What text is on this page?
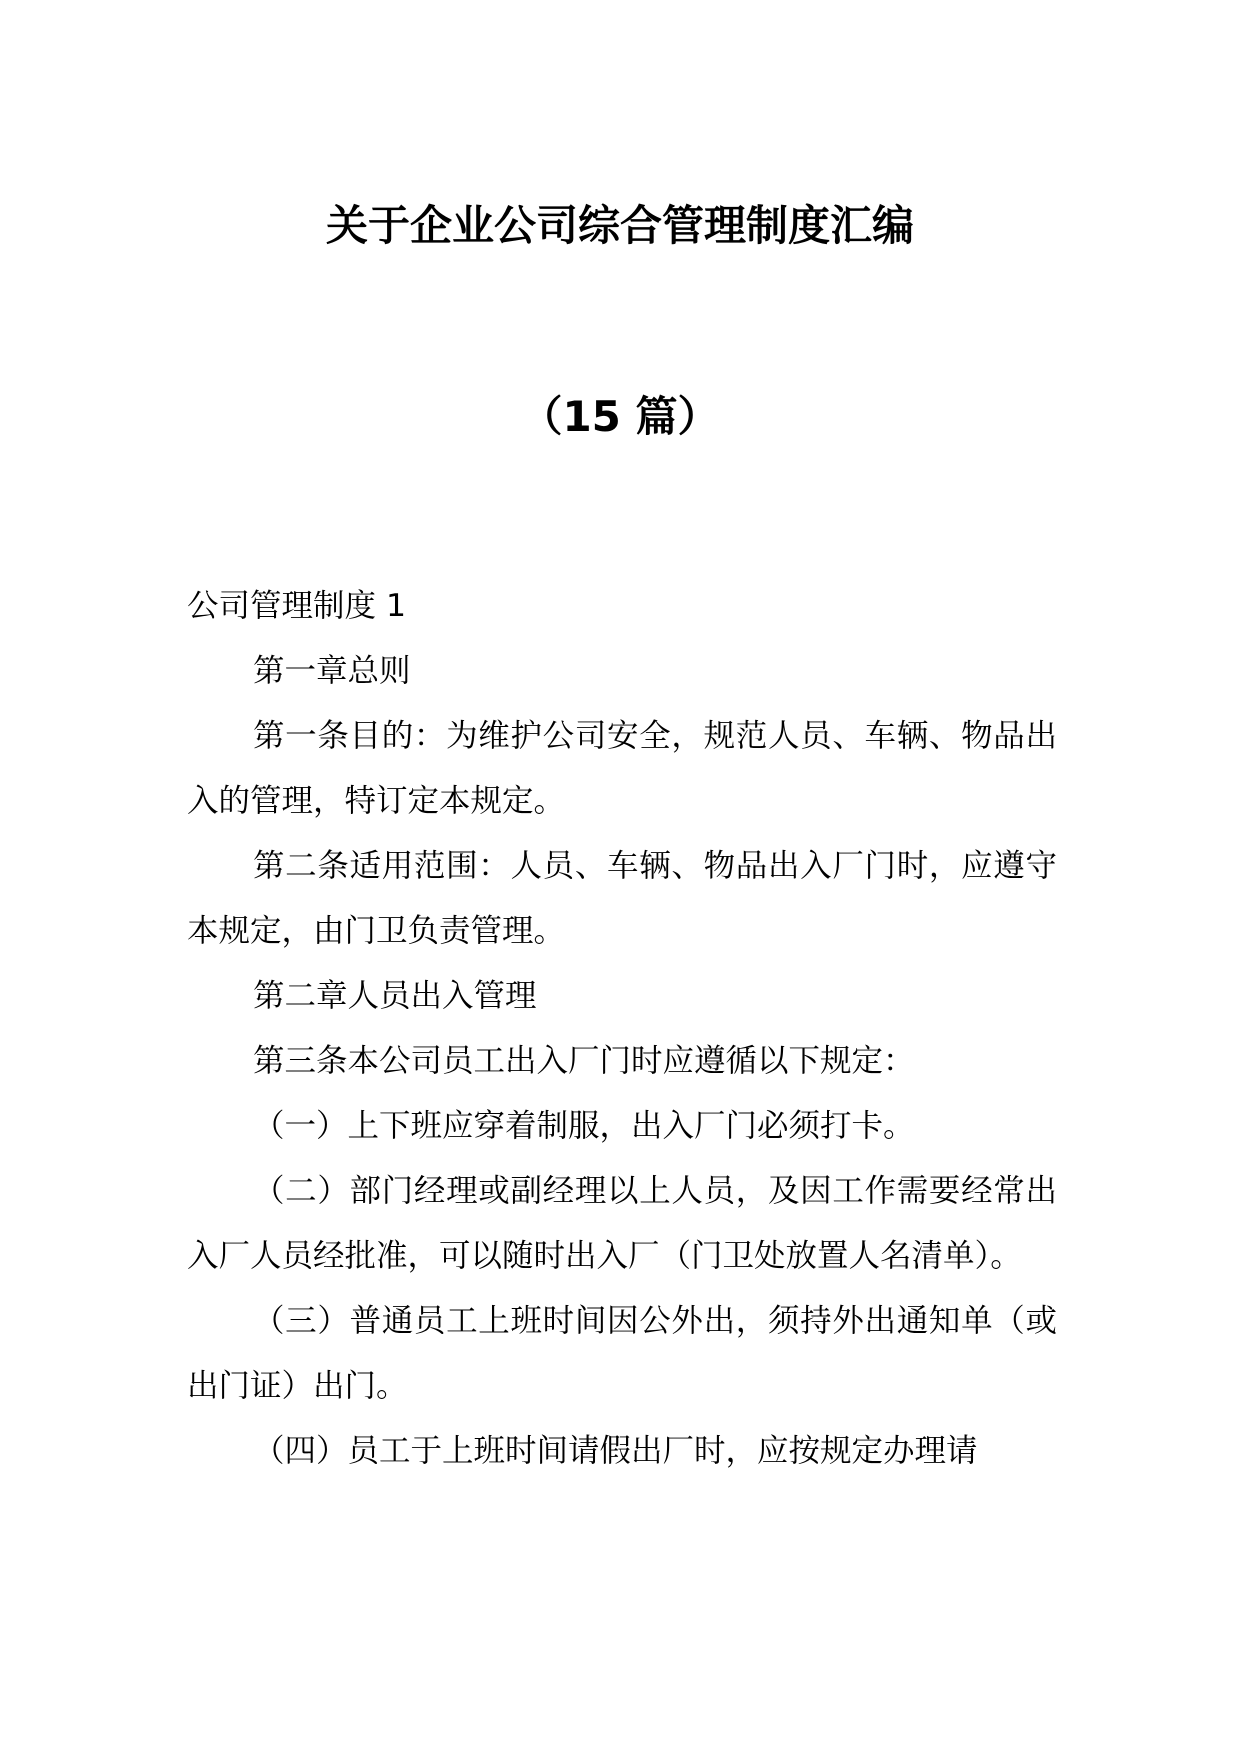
关于企业公司综合管理制度汇编
（15 篇）

公司管理制度 1

第一章总则

第一条目的：为维护公司安全，规范人员、车辆、物品出入的管理，特订定本规定。

第二条适用范围：人员、车辆、物品出入厂门时，应遵守本规定，由门卫负责管理。

第二章人员出入管理

第三条本公司员工出入厂门时应遵循以下规定：

（一）上下班应穿着制服，出入厂门必须打卡。

（二）部门经理或副经理以上人员，及因工作需要经常出入厂人员经批准，可以随时出入厂（门卫处放置人名清单）。

（三）普通员工上班时间因公外出，须持外出通知单（或出门证）出门。

（四）员工于上班时间请假出厂时，应按规定办理请
